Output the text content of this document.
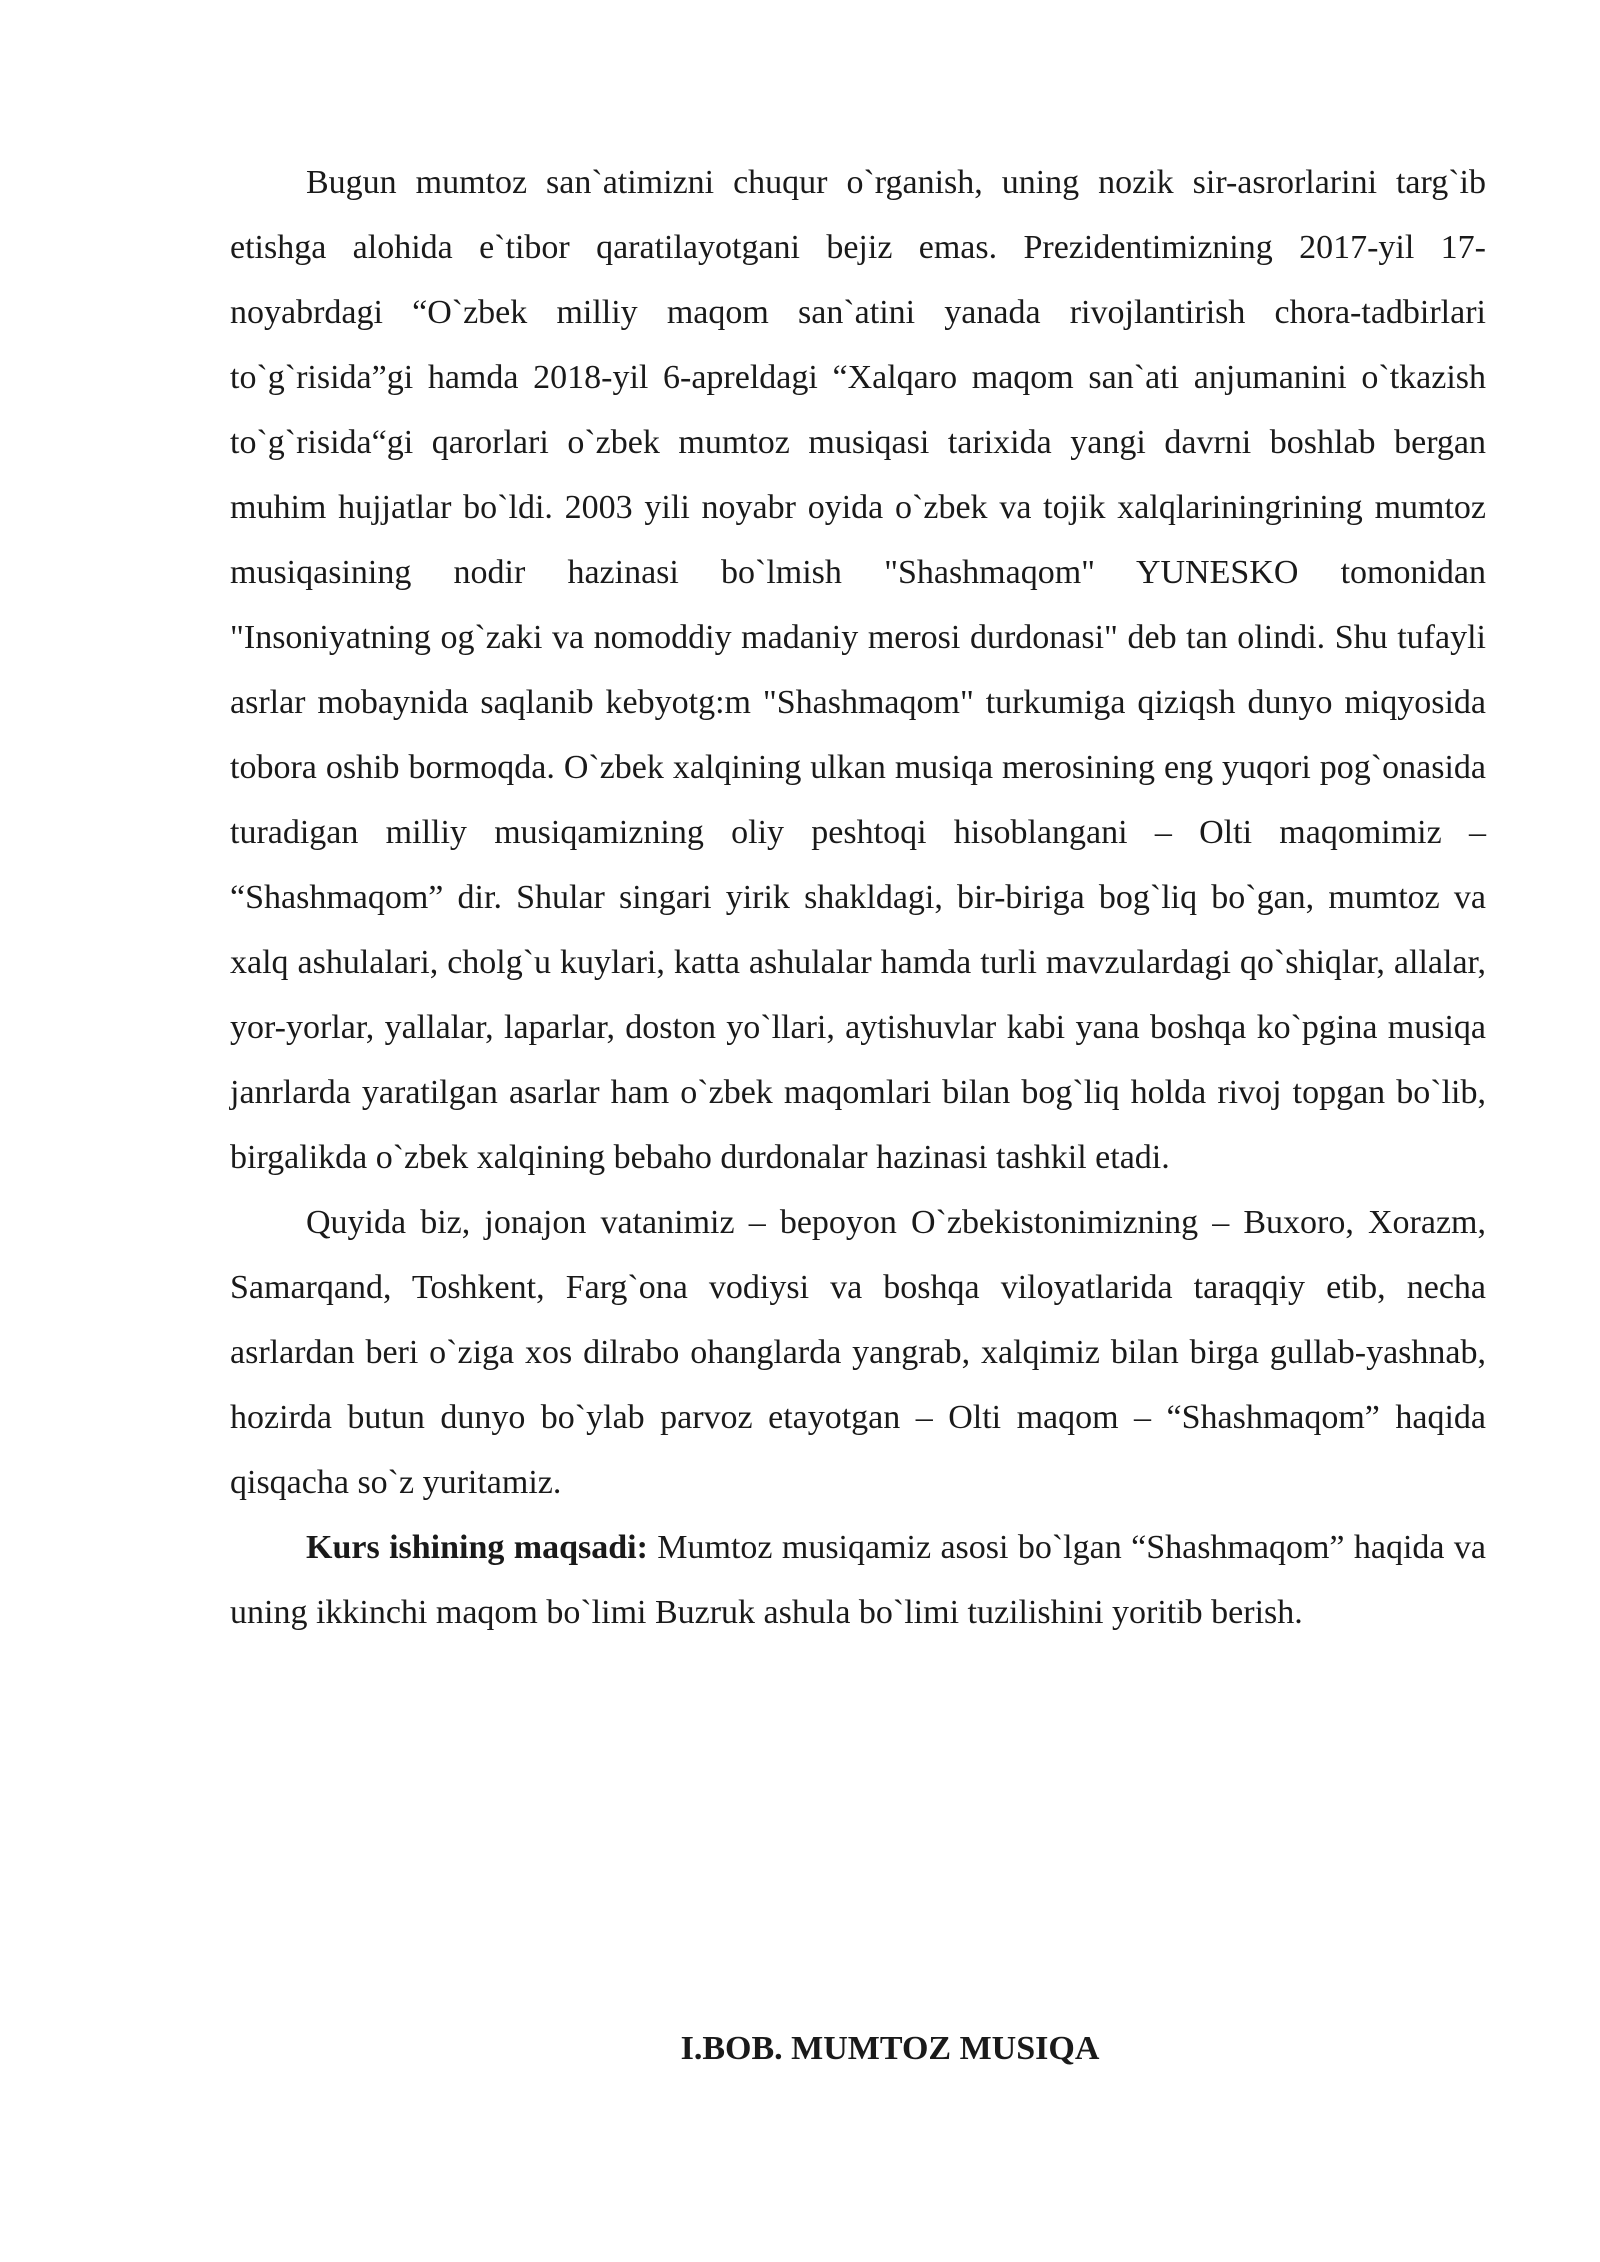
Bugun mumtoz san`atimizni chuqur o`rganish, uning nozik sir-asrorlarini targ`ib etishga alohida e`tibor qaratilayotgani bejiz emas. Prezidentimizning 2017-yil 17-noyabrdagi “O`zbek milliy maqom san`atini yanada rivojlantirish chora-tadbirlari to`g`risida”gi hamda 2018-yil 6-apreldagi “Xalqaro maqom san`ati anjumanini o`tkazish to`g`risida“gi qarorlari o`zbek mumtoz musiqasi tarixida yangi davrni boshlab bergan muhim hujjatlar bo`ldi. 2003 yili noyabr oyida o`zbek va tojik xalqlariningrining mumtoz musiqasining nodir hazinasi bo`lmish "Shashmaqom" YUNESKO tomonidan "Insoniyatning og`zaki va nomoddiy madaniy merosi durdonasi" deb tan olindi. Shu tufayli asrlar mobaynida saqlanib kebyotg:m "Shashmaqom" turkumiga qiziqsh dunyo miqyosida tobora oshib bormoqda. O`zbek xalqining ulkan musiqa merosining eng yuqori pog`onasida turadigan milliy musiqamizning oliy peshtoqi hisoblangani – Olti maqomimiz – “Shashmaqom” dir. Shular singari yirik shakldagi, bir-biriga bog`liq bo`gan, mumtoz va xalq ashulalari, cholg`u kuylari, katta ashulalar hamda turli mavzulardagi qo`shiqlar, allalar, yor-yorlar, yallalar, laparlar, doston yo`llari, aytishuvlar kabi yana boshqa ko`pgina musiqa janrlarda yaratilgan asarlar ham o`zbek maqomlari bilan bog`liq holda rivoj topgan bo`lib, birgalikda o`zbek xalqining bebaho durdonalar hazinasi tashkil etadi.

Quyida biz, jonajon vatanimiz – bepoyon O`zbekistonimizning – Buxoro, Xorazm, Samarqand, Toshkent, Farg`ona vodiysi va boshqa viloyatlarida taraqqiy etib, necha asrlardan beri o`ziga xos dilrabo ohanglarda yangrab, xalqimiz bilan birga gullab-yashnab, hozirda butun dunyo bo`ylab parvoz etayotgan – Olti maqom – “Shashmaqom” haqida qisqacha so`z yuritamiz.

Kurs ishining maqsadi: Mumtoz musiqamiz asosi bo`lgan “Shashmaqom” haqida va uning ikkinchi maqom bo`limi Buzruk ashula bo`limi tuzilishini yoritib berish.

I.BOB. MUMTOZ MUSIQA
